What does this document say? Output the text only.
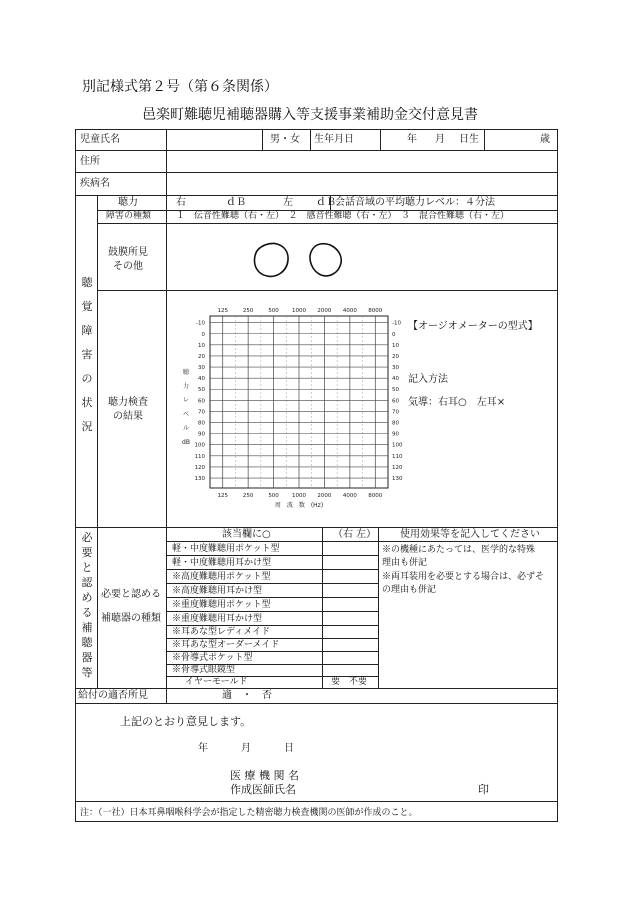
別記様式第２号（第６条関係）
邑楽町難聴児補聴器購入等支援事業補助金交付意見書
児童氏名	男・女 生年月日	年 月 日生	歳
住所
疾病名
聴
覚
障
害
の
状
況
聴力	右	ｄＢ	左 ｄＢ 会話音域の平均聴力レベル：４分法
障害の種類	１　伝音性難聴（右・左）　２　感音性難聴（右・左）　３　混合性難聴（右・左）
鼓膜所見
その他
聴力検査
の結果
125
125
250
250
500
500
1000
1000
2000
2000
4000
4000
8000
8000
-10	-10
0	0
10	10
20	20
30	30
40	40
50	50
60	60
70	70
80	80
90	90
100	100
110	110
120	120
130	130
聴
力
レ
ベ
ル
dB
周　波　数　(Hz)
【オージオメーターの型式】
記入方法
気導：右耳○　左耳×
必
要
と
認
め
る
補
聴
器
等
必要と認める
補聴器の種類
該当欄に○	（右 左） 使用効果等を記入してください
軽・中度難聴用ポケット型
軽・中度難聴用耳かけ型
※高度難聴用ポケット型
※高度難聴用耳かけ型
※重度難聴用ポケット型
※重度難聴用耳かけ型
※耳あな型レディメイド
※耳あな型オーダーメイド
※骨導式ポケット型
※骨導式眼鏡型
イヤーモールド	要　不要
※の機種にあたっては、医学的な特殊
理由も併記
※両耳装用を必要とする場合は、必ずそ
の理由も併記
給付の適否所見	適　・　否
上記のとおり意見します。
年	月	日
医 療 機 関 名
作成医師氏名	印
注：（一社）日本耳鼻咽喉科学会が指定した精密聴力検査機関の医師が作成のこと。
